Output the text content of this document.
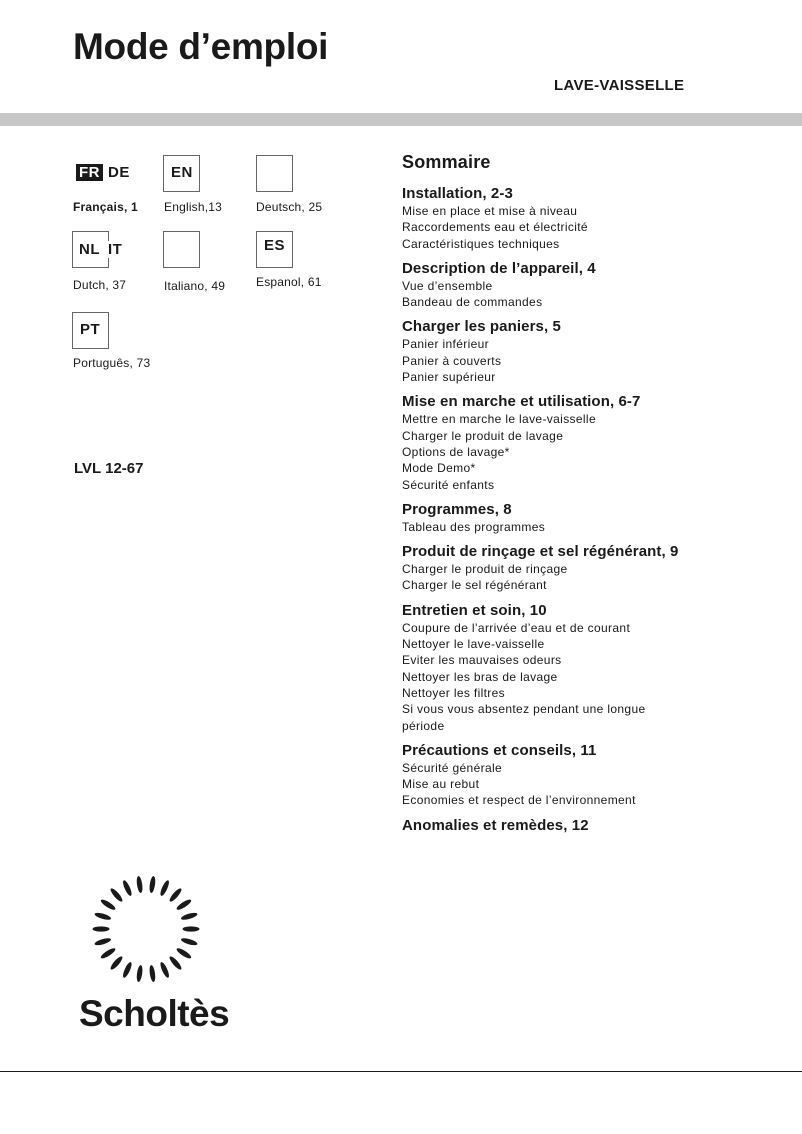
Mode d’emploi
LAVE-VAISSELLE
FR DE
Français, 1
EN
English,13	Deutsch, 25
NL IT
Dutch, 37	Italiano, 49
ES
Espanol, 61
PT
Português, 73
LVL 12-67
Sommaire
Installation, 2-3
Mise en place et mise à niveau
Raccordements eau et électricité
Caractéristiques techniques
Description de l’appareil, 4
Vue d’ensemble
Bandeau de commandes
Charger les paniers, 5
Panier inférieur
Panier à couverts
Panier supérieur
Mise en marche et utilisation, 6-7
Mettre en marche le lave-vaisselle
Charger le produit de lavage
Options de lavage*
Mode Demo*
Sécurité enfants
Programmes, 8
Tableau des programmes
Produit de rinçage et sel régénérant, 9
Charger le produit de rinçage
Charger le sel régénérant
Entretien et soin, 10
Coupure de l’arrivée d’eau et de courant
Nettoyer le lave-vaisselle
Eviter les mauvaises odeurs
Nettoyer les bras de lavage
Nettoyer les filtres
Si vous vous absentez pendant une longue
période
Précautions et conseils, 11
Sécurité générale
Mise au rebut
Economies et respect de l’environnement
Anomalies et remèdes, 12
Scholtès
